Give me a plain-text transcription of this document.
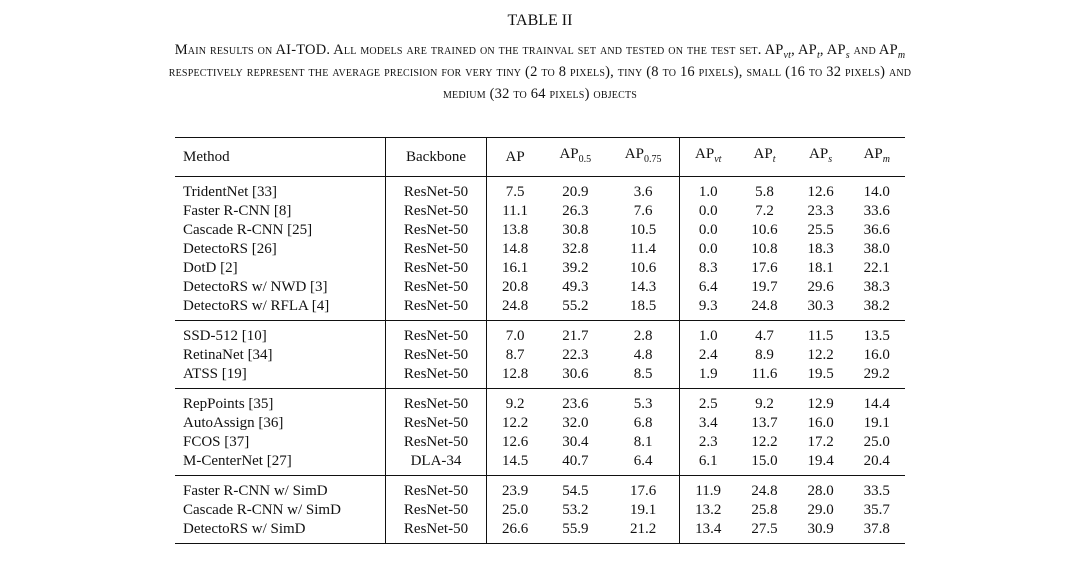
TABLE II
Main results on AI-TOD. All models are trained on the trainval set and tested on the test set. $AP_{vt}$, $AP_t$, $AP_s$ and $AP_m$
respectively represent the average precision for very tiny (2 to 8 pixels), tiny (8 to 16 pixels), small (16 to 32 pixels) and
medium (32 to 64 pixels) objects
Method	Backbone	AP	$AP_{0.5}$	$AP_{0.75}$	$AP_{vt}$	$AP_t$	$AP_s$	$AP_m$
TridentNet [33]	ResNet-50	7.5	20.9	3.6	1.0	5.8	12.6	14.0
Faster R-CNN [8]	ResNet-50	11.1	26.3	7.6	0.0	7.2	23.3	33.6
Cascade R-CNN [25]	ResNet-50	13.8	30.8	10.5	0.0	10.6	25.5	36.6
DetectoRS [26]	ResNet-50	14.8	32.8	11.4	0.0	10.8	18.3	38.0
DotD [2]	ResNet-50	16.1	39.2	10.6	8.3	17.6	18.1	22.1
DetectoRS w/ NWD [3]	ResNet-50	20.8	49.3	14.3	6.4	19.7	29.6	38.3
DetectoRS w/ RFLA [4]	ResNet-50	24.8	55.2	18.5	9.3	24.8	30.3	38.2
SSD-512 [10]	ResNet-50	7.0	21.7	2.8	1.0	4.7	11.5	13.5
RetinaNet [34]	ResNet-50	8.7	22.3	4.8	2.4	8.9	12.2	16.0
ATSS [19]	ResNet-50	12.8	30.6	8.5	1.9	11.6	19.5	29.2
RepPoints [35]	ResNet-50	9.2	23.6	5.3	2.5	9.2	12.9	14.4
AutoAssign [36]	ResNet-50	12.2	32.0	6.8	3.4	13.7	16.0	19.1
FCOS [37]	ResNet-50	12.6	30.4	8.1	2.3	12.2	17.2	25.0
M-CenterNet [27]	DLA-34	14.5	40.7	6.4	6.1	15.0	19.4	20.4
Faster R-CNN w/ SimD	ResNet-50	23.9	54.5	17.6	11.9	24.8	28.0	33.5
Cascade R-CNN w/ SimD	ResNet-50	25.0	53.2	19.1	13.2	25.8	29.0	35.7
DetectoRS w/ SimD	ResNet-50	26.6	55.9	21.2	13.4	27.5	30.9	37.8
